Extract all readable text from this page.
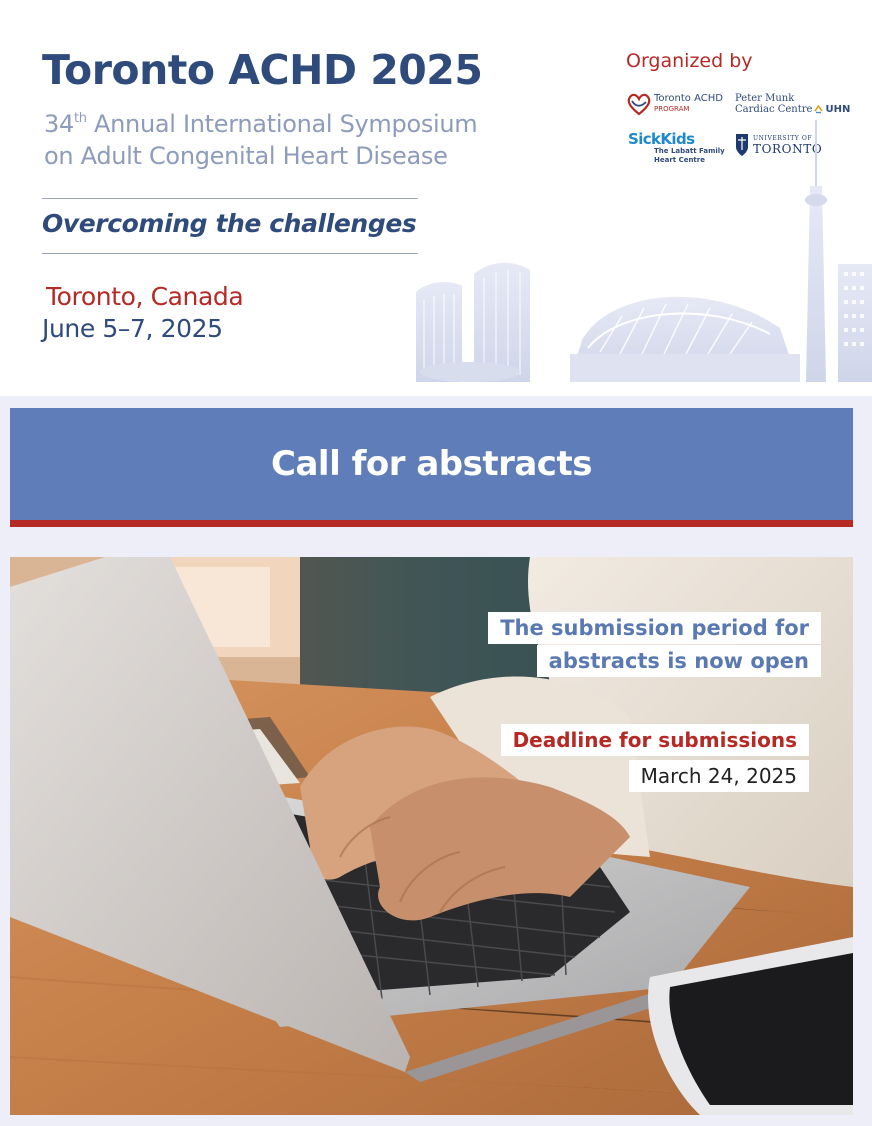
Toronto ACHD 2025
34th Annual International Symposium
on Adult Congenital Heart Disease
Overcoming the challenges
Toronto, Canada
June 5–7, 2025
Organized by
Toronto ACHD
PROGRAM
Peter Munk
Cardiac Centre UHN
SickKids
The Labatt Family
Heart Centre
UNIVERSITY OF
TORONTO
Call for abstracts
The submission period for
abstracts is now open
Deadline for submissions
March 24, 2025
